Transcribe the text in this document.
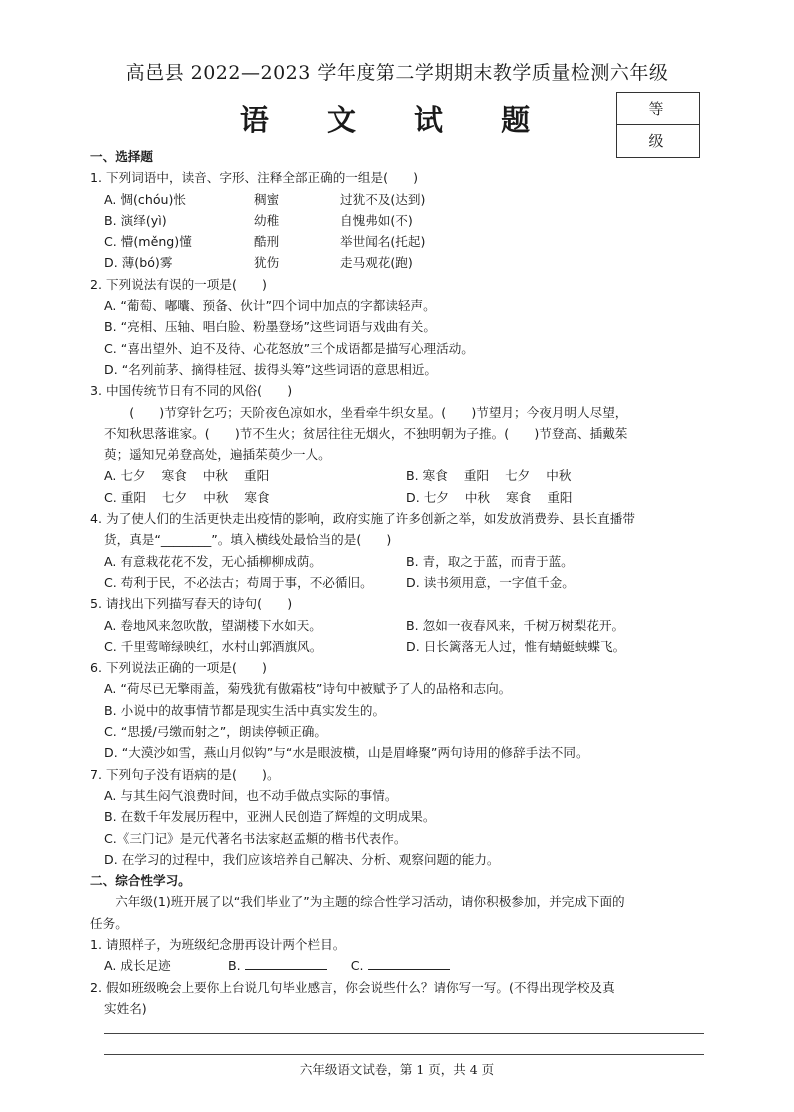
高邑县 2022—2023 学年度第二学期期末教学质量检测六年级
语 文 试 题	等 级
一、选择题
1. 下列词语中，读音、字形、注释全部正确的一组是(　　)
A. 惆(chóu)怅	稠蜜	过犹不及(达到)
B. 演绎(yì)	幼稚	自愧弗如(不)
C. 懵(měng)懂	酷刑	举世闻名(托起)
D. 薄(bó)雾	犹伤	走马观花(跑)
2. 下列说法有误的一项是(　　)
A. “葡萄、嘟囔、预备、伙计”四个词中加点的字都读轻声。
B. “亮相、压轴、唱白脸、粉墨登场”这些词语与戏曲有关。
C. “喜出望外、迫不及待、心花怒放”三个成语都是描写心理活动。
D. “名列前茅、摘得桂冠、拔得头筹”这些词语的意思相近。
3. 中国传统节日有不同的风俗(　　)
　　(　　)节穿针乞巧；天阶夜色凉如水，坐看牵牛织女星。(　　)节望月；今夜月明人尽望，
不知秋思落谁家。(　　)节不生火；贫居往往无烟火，不独明朝为子推。(　　)节登高、插戴茱
萸；遥知兄弟登高处，遍插茱萸少一人。
A. 七夕 寒食 中秋 重阳	B. 寒食 重阳 七夕 中秋
C. 重阳 七夕 中秋 寒食	D. 七夕 中秋 寒食 重阳
4. 为了使人们的生活更快走出疫情的影响，政府实施了许多创新之举，如发放消费券、县长直播带
货，真是“________”。填入横线处最恰当的是(　　)
A. 有意栽花花不发，无心插柳柳成荫。	B. 青，取之于蓝，而青于蓝。
C. 苟利于民，不必法古；苟周于事，不必循旧。	D. 读书须用意，一字值千金。
5. 请找出下列描写春天的诗句(　　)
A. 卷地风来忽吹散，望湖楼下水如天。	B. 忽如一夜春风来，千树万树梨花开。
C. 千里莺啼绿映红，水村山郭酒旗风。	D. 日长篱落无人过，惟有蜻蜓蛱蝶飞。
6. 下列说法正确的一项是(　　)
A. “荷尽已无擎雨盖，菊残犹有傲霜枝”诗句中被赋予了人的品格和志向。
B. 小说中的故事情节都是现实生活中真实发生的。
C. “思援/弓缴而射之”，朗读停顿正确。
D. “大漠沙如雪，燕山月似钩”与“水是眼波横，山是眉峰聚”两句诗用的修辞手法不同。
7. 下列句子没有语病的是(　　)。
A. 与其生闷气浪费时间，也不动手做点实际的事情。
B. 在数千年发展历程中，亚洲人民创造了辉煌的文明成果。
C.《三门记》是元代著名书法家赵孟頫的楷书代表作。
D. 在学习的过程中，我们应该培养自己解决、分析、观察问题的能力。
二、综合性学习。
　　六年级(1)班开展了以“我们毕业了”为主题的综合性学习活动，请你积极参加，并完成下面的
任务。
1. 请照样子，为班级纪念册再设计两个栏目。
A. 成长足迹	B.	C.
2. 假如班级晚会上要你上台说几句毕业感言，你会说些什么？请你写一写。(不得出现学校及真
实姓名)
六年级语文试卷，第 1 页，共 4 页
